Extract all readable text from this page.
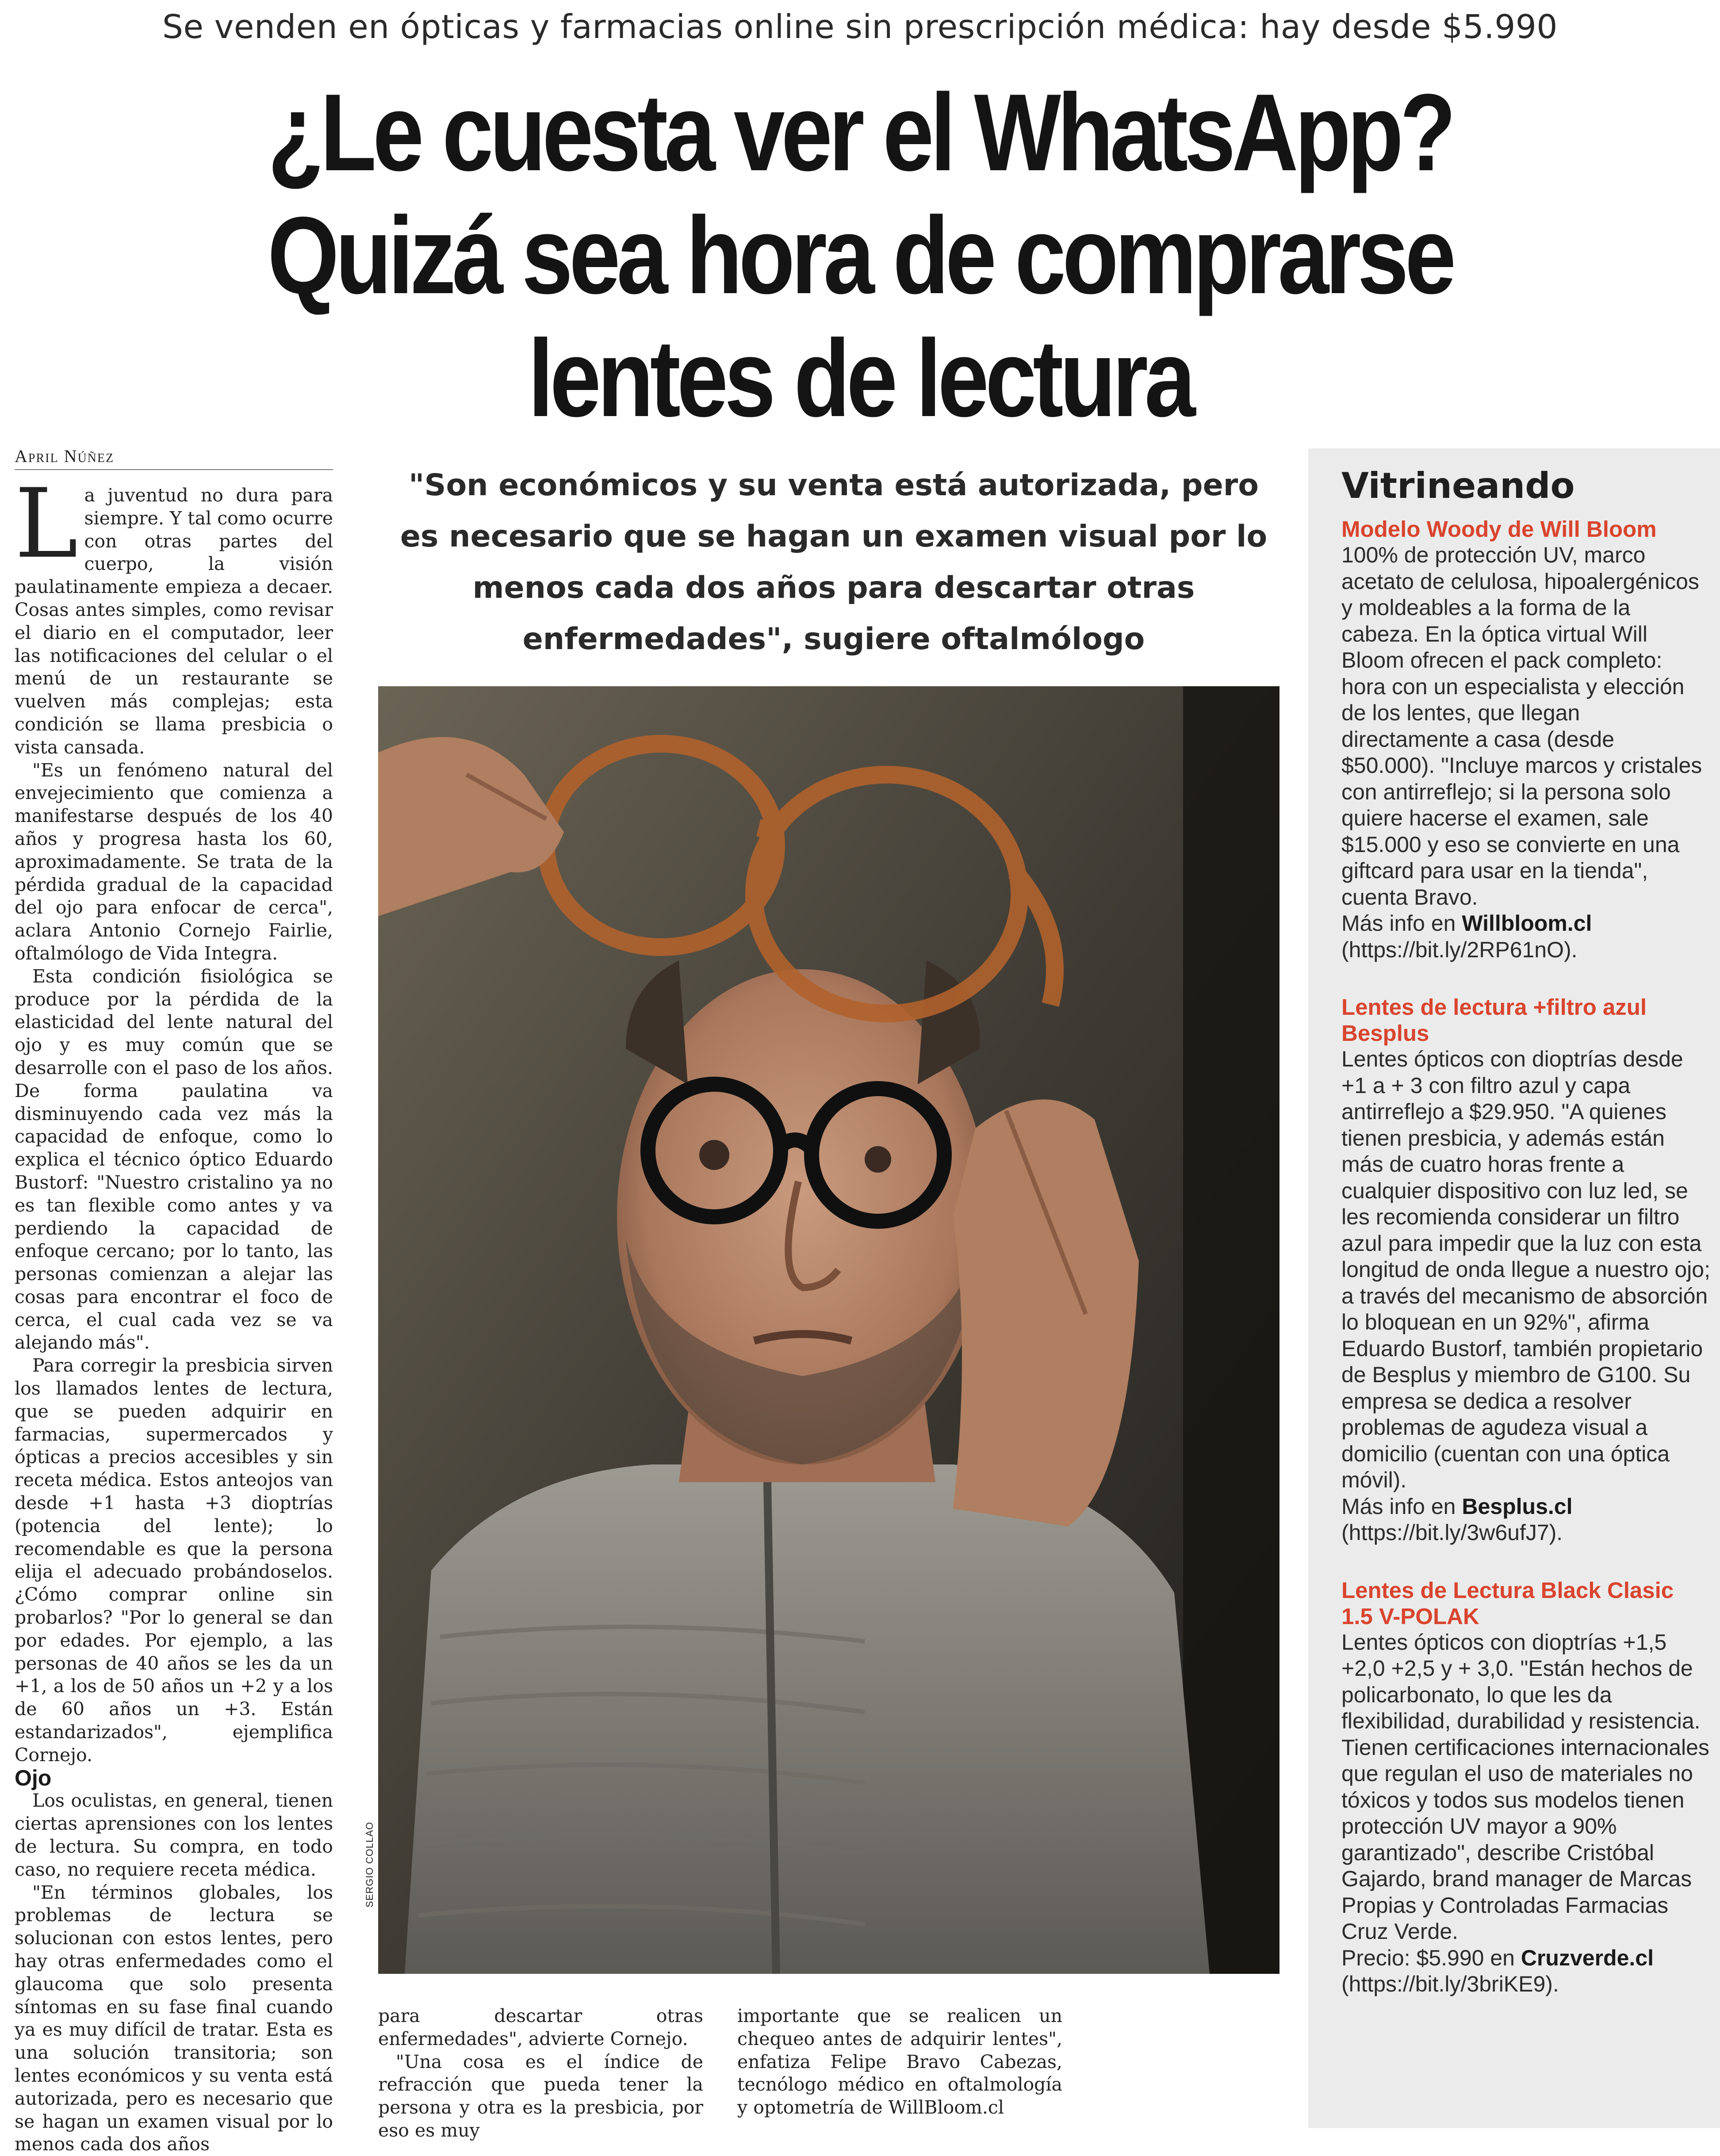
Se venden en ópticas y farmacias online sin prescripción médica: hay desde $5.990
¿Le cuesta ver el WhatsApp?
Quizá sea hora de comprarse
lentes de lectura
April Núñez

La juventud no dura para siempre. Y tal como ocurre con otras partes del cuerpo, la visión paulatinamente empieza a decaer. Cosas antes simples, como revisar el diario en el computador, leer las notificaciones del celular o el menú de un restaurante se vuelven más complejas; esta condición se llama presbicia o vista cansada.

"Es un fenómeno natural del envejecimiento que comienza a manifestarse después de los 40 años y progresa hasta los 60, aproximadamente. Se trata de la pérdida gradual de la capacidad del ojo para enfocar de cerca", aclara Antonio Cornejo Fairlie, oftalmólogo de Vida Integra.

Esta condición fisiológica se produce por la pérdida de la elasticidad del lente natural del ojo y es muy común que se desarrolle con el paso de los años. De forma paulatina va disminuyendo cada vez más la capacidad de enfoque, como lo explica el técnico óptico Eduardo Bustorf: "Nuestro cristalino ya no es tan flexible como antes y va perdiendo la capacidad de enfoque cercano; por lo tanto, las personas comienzan a alejar las cosas para encontrar el foco de cerca, el cual cada vez se va alejando más".

Para corregir la presbicia sirven los llamados lentes de lectura, que se pueden adquirir en farmacias, supermercados y ópticas a precios accesibles y sin receta médica. Estos anteojos van desde +1 hasta +3 dioptrías (potencia del lente); lo recomendable es que la persona elija el adecuado probándoselos. ¿Cómo comprar online sin probarlos? "Por lo general se dan por edades. Por ejemplo, a las personas de 40 años se les da un +1, a los de 50 años un +2 y a los de 60 años un +3. Están estandarizados", ejemplifica Cornejo.

Ojo

Los oculistas, en general, tienen ciertas aprensiones con los lentes de lectura. Su compra, en todo caso, no requiere receta médica.

"En términos globales, los problemas de lectura se solucionan con estos lentes, pero hay otras enfermedades como el glaucoma que solo presenta síntomas en su fase final cuando ya es muy difícil de tratar. Esta es una solución transitoria; son lentes económicos y su venta está autorizada, pero es necesario que se hagan un examen visual por lo menos cada dos años

"Son económicos y su venta está autorizada, pero
es necesario que se hagan un examen visual por lo
menos cada dos años para descartar otras
enfermedades", sugiere oftalmólogo
SERGIO COLLAO

para descartar otras enfermedades", advierte Cornejo.

"Una cosa es el índice de refracción que pueda tener la persona y otra es la presbicia, por eso es muy

importante que se realicen un chequeo antes de adquirir lentes", enfatiza Felipe Bravo Cabezas, tecnólogo médico en oftalmología y optometría de WillBloom.cl

Vitrineando
Modelo Woody de Will Bloom
100% de protección UV, marco acetato de celulosa, hipoalergénicos y moldeables a la forma de la cabeza. En la óptica virtual Will Bloom ofrecen el pack completo: hora con un especialista y elección de los lentes, que llegan directamente a casa (desde $50.000). "Incluye marcos y cristales con antirreflejo; si la persona solo quiere hacerse el examen, sale $15.000 y eso se convierte en una giftcard para usar en la tienda", cuenta Bravo.
Más info en Willbloom.cl
(https://bit.ly/2RP61nO).
Lentes de lectura +filtro azul Besplus
Lentes ópticos con dioptrías desde +1 a + 3 con filtro azul y capa antirreflejo a $29.950. "A quienes tienen presbicia, y además están más de cuatro horas frente a cualquier dispositivo con luz led, se les recomienda considerar un filtro azul para impedir que la luz con esta longitud de onda llegue a nuestro ojo; a través del mecanismo de absorción lo bloquean en un 92%", afirma Eduardo Bustorf, también propietario de Besplus y miembro de G100. Su empresa se dedica a resolver problemas de agudeza visual a domicilio (cuentan con una óptica móvil).
Más info en Besplus.cl
(https://bit.ly/3w6ufJ7).
Lentes de Lectura Black Clasic 1.5 V-POLAK
Lentes ópticos con dioptrías +1,5 +2,0 +2,5 y + 3,0. "Están hechos de policarbonato, lo que les da flexibilidad, durabilidad y resistencia. Tienen certificaciones internacionales que regulan el uso de materiales no tóxicos y todos sus modelos tienen protección UV mayor a 90% garantizado", describe Cristóbal Gajardo, brand manager de Marcas Propias y Controladas Farmacias Cruz Verde.
Precio: $5.990 en Cruzverde.cl
(https://bit.ly/3briKE9).
